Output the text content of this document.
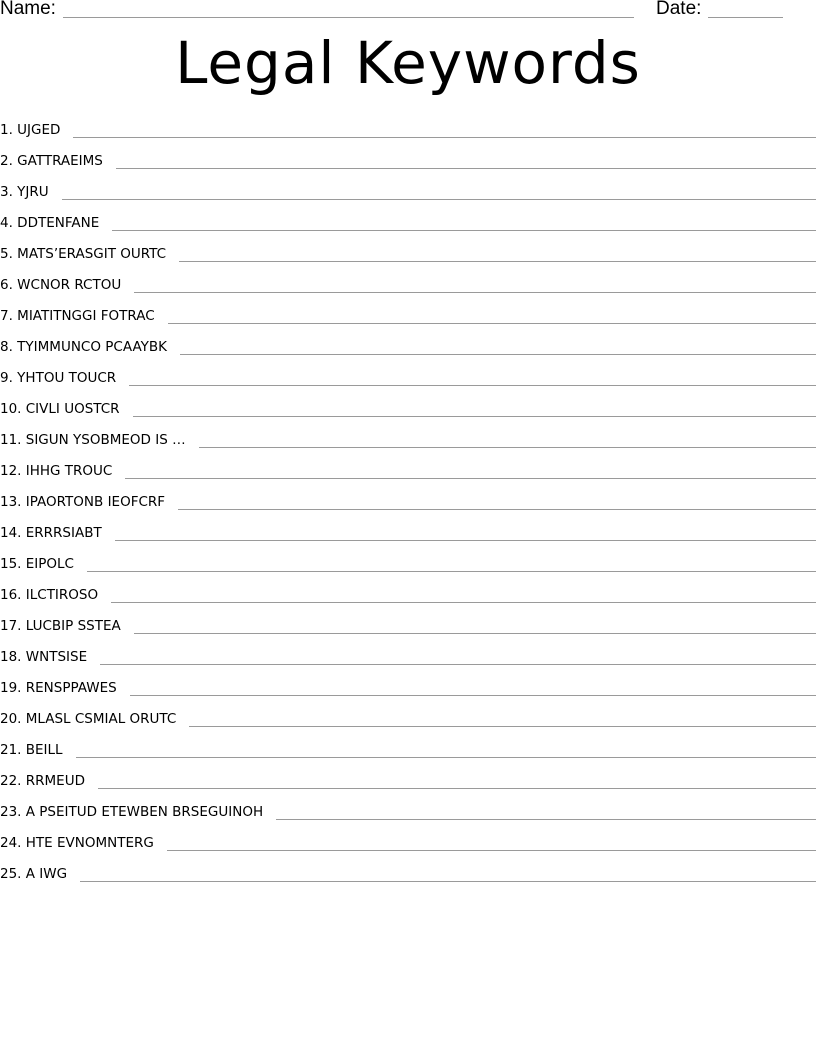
Name:	Date:
Legal Keywords
1. UJGED
2. GATTRAEIMS
3. YJRU
4. DDTENFANE
5. MATS’ERASGIT OURTC
6. WCNOR RCTOU
7. MIATITNGGI FOTRAC
8. TYIMMUNCO PCAAYBK
9. YHTOU TOUCR
10. CIVLI UOSTCR
11. SIGUN YSOBMEOD IS …
12. IHHG TROUC
13. IPAORTONB IEOFCRF
14. ERRRSIABT
15. EIPOLC
16. ILCTIROSO
17. LUCBIP SSTEA
18. WNTSISE
19. RENSPPAWES
20. MLASL CSMIAL ORUTC
21. BEILL
22. RRMEUD
23. A PSEITUD ETEWBEN BRSEGUINOH
24. HTE EVNOMNTERG
25. A IWG
